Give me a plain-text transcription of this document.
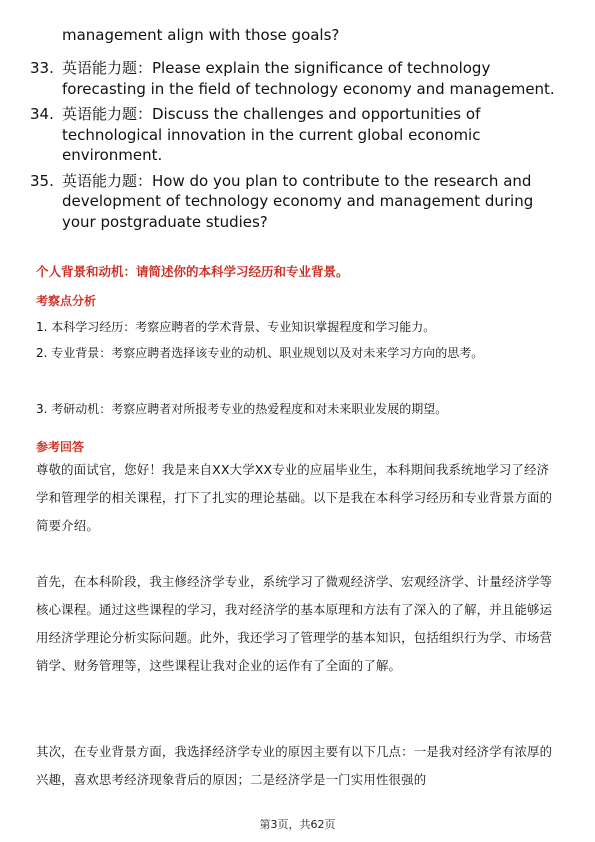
management align with those goals?
33. 英语能力题：Please explain the significance of technology forecasting in the field of technology economy and management.
34. 英语能力题：Discuss the challenges and opportunities of technological innovation in the current global economic environment.
35. 英语能力题：How do you plan to contribute to the research and development of technology economy and management during your postgraduate studies?
个人背景和动机：请简述你的本科学习经历和专业背景。
考察点分析
1. 本科学习经历：考察应聘者的学术背景、专业知识掌握程度和学习能力。
2. 专业背景：考察应聘者选择该专业的动机、职业规划以及对未来学习方向的思考。
3. 考研动机：考察应聘者对所报考专业的热爱程度和对未来职业发展的期望。
参考回答
尊敬的面试官，您好！我是来自XX大学XX专业的应届毕业生，本科期间我系统地学习了经济学和管理学的相关课程，打下了扎实的理论基础。以下是我在本科学习经历和专业背景方面的简要介绍。
首先，在本科阶段，我主修经济学专业，系统学习了微观经济学、宏观经济学、计量经济学等核心课程。通过这些课程的学习，我对经济学的基本原理和方法有了深入的了解，并且能够运用经济学理论分析实际问题。此外，我还学习了管理学的基本知识，包括组织行为学、市场营销学、财务管理等，这些课程让我对企业的运作有了全面的了解。
其次，在专业背景方面，我选择经济学专业的原因主要有以下几点：一是我对经济学有浓厚的兴趣，喜欢思考经济现象背后的原因；二是经济学是一门实用性很强的
第3页，共62页
